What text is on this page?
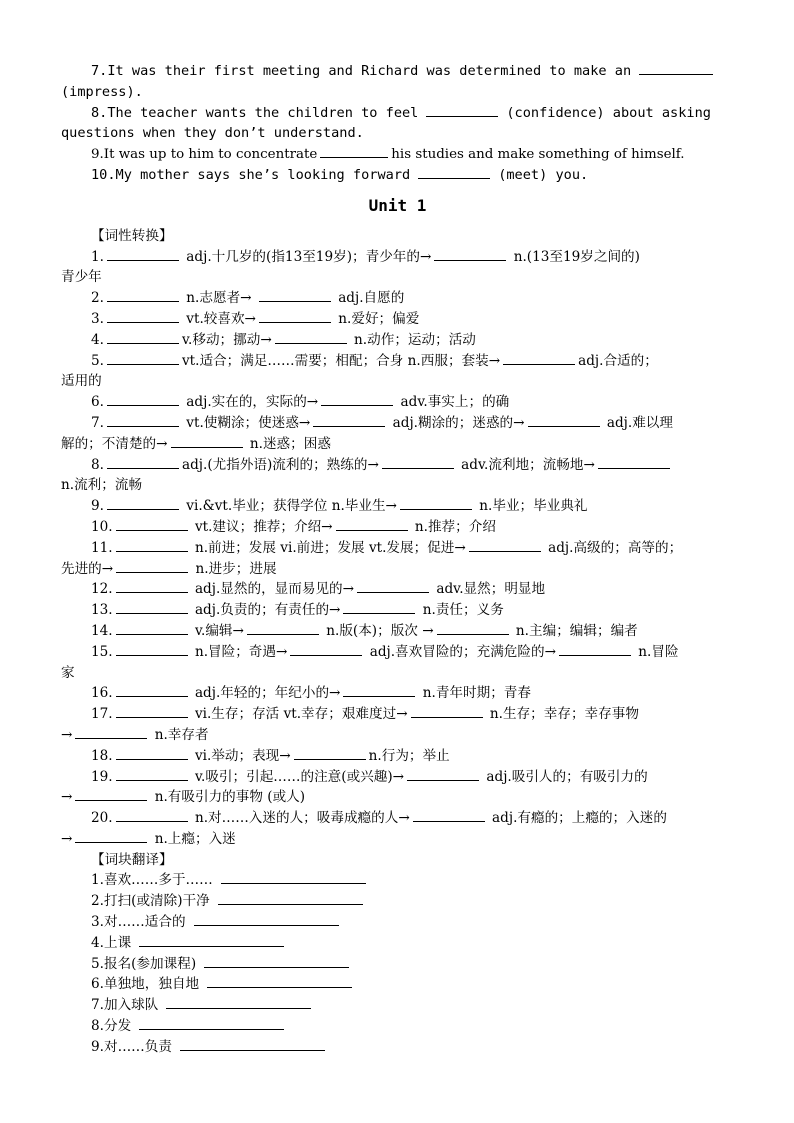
7.It was their first meeting and Richard was determined to make an
(impress).
8.The teacher wants the children to feel	(confidence) about asking
questions when they don’t understand.
9.It was up to him to concentrate	his studies and make something of himself.
10.My mother says she’s looking forward	(meet) you.
Unit 1
【词性转换】
1.	adj.十几岁的(指13至19岁)；青少年的→	n.(13至19岁之间的)
青少年
2.	n.志愿者→	adj.自愿的
3.	vt.较喜欢→	n.爱好；偏爱
4.	v.移动；挪动→	n.动作；运动；活动
5.	vt.适合；满足……需要；相配；合身 n.西服；套装→	adj.合适的；
适用的
6.	adj.实在的，实际的→	adv.事实上；的确
7.	vt.使糊涂；使迷惑→	adj.糊涂的；迷惑的→	adj.难以理
解的；不清楚的→	n.迷惑；困惑
8.	adj.(尤指外语)流利的；熟练的→	adv.流利地；流畅地→
n.流利；流畅
9.	vi.&vt.毕业；获得学位 n.毕业生→	n.毕业；毕业典礼
10.	vt.建议；推荐；介绍→	n.推荐；介绍
11.	n.前进；发展 vi.前进；发展 vt.发展；促进→	adj.高级的；高等的；
先进的→	n.进步；进展
12.	adj.显然的，显而易见的→	adv.显然；明显地
13.	adj.负责的；有责任的→	n.责任；义务
14.	v.编辑→	n.版(本)；版次 →	n.主编；编辑；编者
15.	n.冒险；奇遇→	adj.喜欢冒险的；充满危险的→	n.冒险
家
16.	adj.年轻的；年纪小的→	n.青年时期；青春
17.	vi.生存；存活 vt.幸存；艰难度过→	n.生存；幸存；幸存事物
→	n.幸存者
18.	vi.举动；表现→	n.行为；举止
19.	v.吸引；引起……的注意(或兴趣)→	adj.吸引人的；有吸引力的
→	n.有吸引力的事物 (或人)
20.	n.对……入迷的人；吸毒成瘾的人→	adj.有瘾的；上瘾的；入迷的
→	n.上瘾；入迷
【词块翻译】
1.喜欢……多于……
2.打扫(或清除)干净
3.对……适合的
4.上课
5.报名(参加课程)
6.单独地，独自地
7.加入球队
8.分发
9.对……负责
